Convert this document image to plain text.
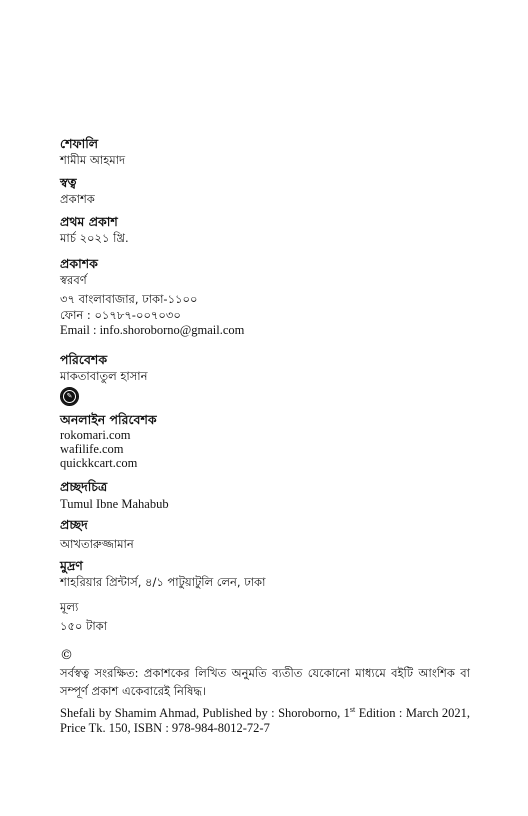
শেফালি

শামীম আহমাদ

স্বত্ব

প্রকাশক

প্রথম প্রকাশ

মার্চ ২০২১ খ্রি.

প্রকাশক

স্বরবর্ণ

৩৭ বাংলাবাজার, ঢাকা-১১০০

ফোন : ০১৭৮৭-০০৭০৩০

Email : info.shoroborno@gmail.com

পরিবেশক

মাকতাবাতুল হাসান

✎

অনলাইন পরিবেশক

rokomari.com

wafilife.com

quickkcart.com

প্রচ্ছদচিত্র

Tumul Ibne Mahabub

প্রচ্ছদ

আখতারুজ্জামান

মুদ্রণ

শাহরিয়ার প্রিন্টার্স, ৪/১ পাটুয়াটুলি লেন, ঢাকা

মূল্য

১৫০ টাকা

©

সর্বস্বত্ব সংরক্ষিত: প্রকাশকের লিখিত অনুমতি ব্যতীত যেকোনো মাধ্যমে বইটি আংশিক বা সম্পূর্ণ প্রকাশ একেবারেই নিষিদ্ধ।

Shefali by Shamim Ahmad, Published by : Shoroborno, 1st Edition : March 2021, Price Tk. 150, ISBN : 978-984-8012-72-7
